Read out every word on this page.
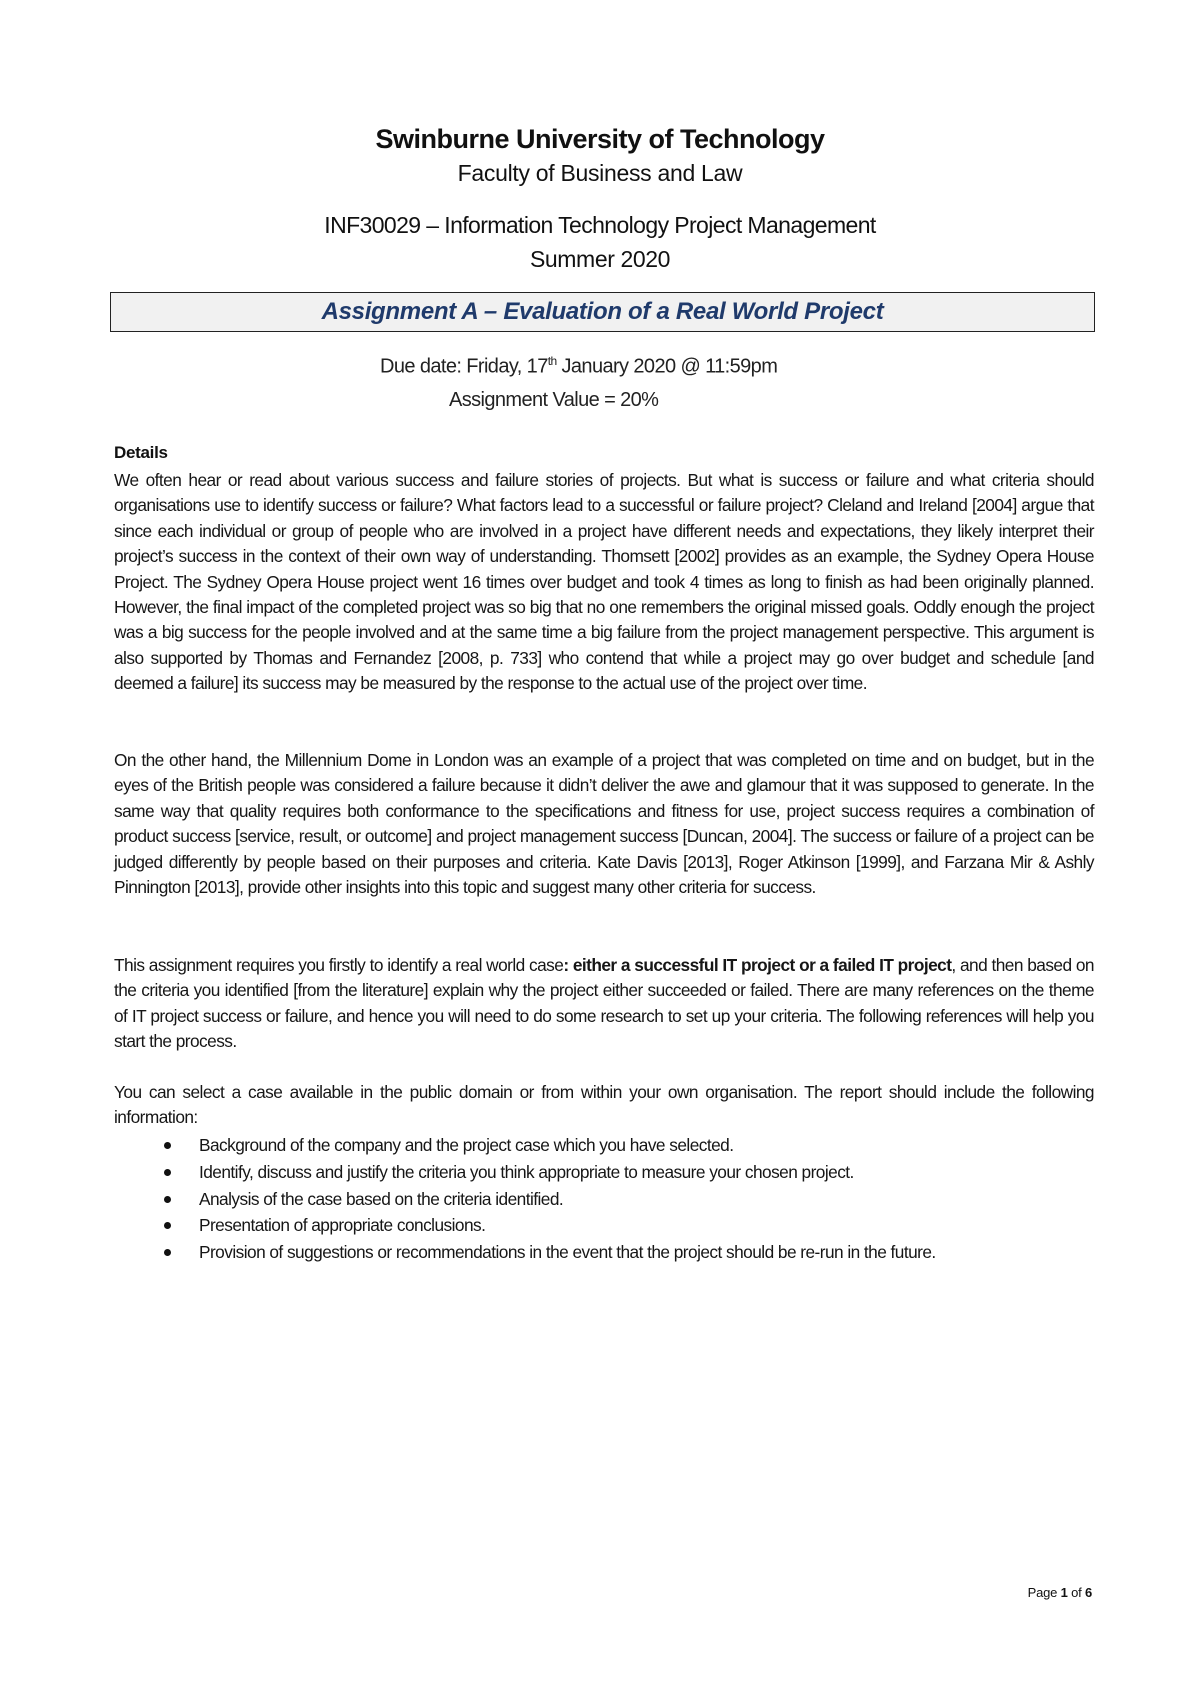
Swinburne University of Technology
Faculty of Business and Law
INF30029 – Information Technology Project Management
Summer 2020
Assignment A – Evaluation of a Real World Project
Due date: Friday, 17th January 2020 @ 11:59pm
Assignment Value = 20%
Details

We often hear or read about various success and failure stories of projects. But what is success or failure and what criteria should organisations use to identify success or failure? What factors lead to a successful or failure project? Cleland and Ireland [2004] argue that since each individual or group of people who are involved in a project have different needs and expectations, they likely interpret their project’s success in the context of their own way of understanding. Thomsett [2002] provides as an example, the Sydney Opera House Project. The Sydney Opera House project went 16 times over budget and took 4 times as long to finish as had been originally planned. However, the final impact of the completed project was so big that no one remembers the original missed goals. Oddly enough the project was a big success for the people involved and at the same time a big failure from the project management perspective. This argument is also supported by Thomas and Fernandez [2008, p. 733] who contend that while a project may go over budget and schedule [and deemed a failure] its success may be measured by the response to the actual use of the project over time.

On the other hand, the Millennium Dome in London was an example of a project that was completed on time and on budget, but in the eyes of the British people was considered a failure because it didn’t deliver the awe and glamour that it was supposed to generate. In the same way that quality requires both conformance to the specifications and fitness for use, project success requires a combination of product success [service, result, or outcome] and project management success [Duncan, 2004]. The success or failure of a project can be judged differently by people based on their purposes and criteria. Kate Davis [2013], Roger Atkinson [1999], and Farzana Mir & Ashly Pinnington [2013], provide other insights into this topic and suggest many other criteria for success.

This assignment requires you firstly to identify a real world case: either a successful IT project or a failed IT project, and then based on the criteria you identified [from the literature] explain why the project either succeeded or failed. There are many references on the theme of IT project success or failure, and hence you will need to do some research to set up your criteria. The following references will help you start the process.

You can select a case available in the public domain or from within your own organisation. The report should include the following information:

Background of the company and the project case which you have selected.
Identify, discuss and justify the criteria you think appropriate to measure your chosen project.
Analysis of the case based on the criteria identified.
Presentation of appropriate conclusions.
Provision of suggestions or recommendations in the event that the project should be re-run in the future.
Page 1 of 6
